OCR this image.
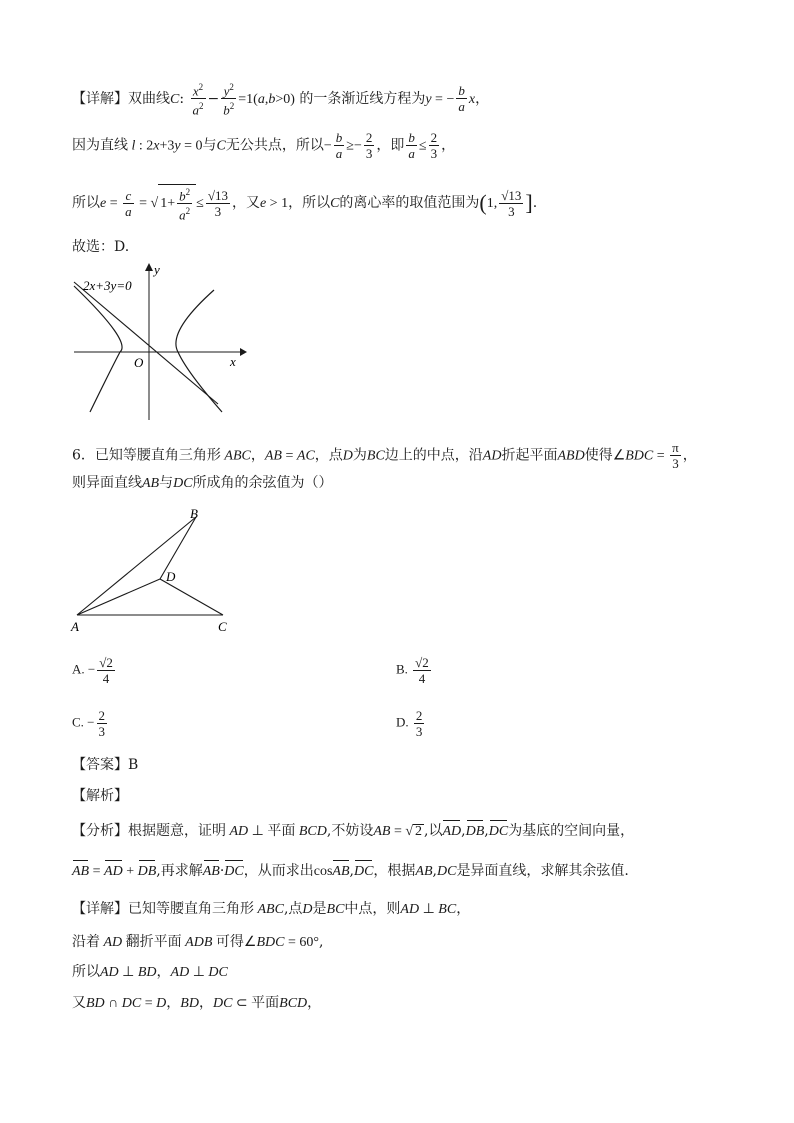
【详解】双曲线C: $\frac{x^2}{a^2} - \frac{y^2}{b^2} =1(a,b>0)$ 的一条渐近线方程为y = − $\frac{b}{a}$ x，
因为直线 l : 2x+3y = 0与C无公共点，所以− $\frac{b}{a} \ge- \frac{2}{3}$ ，即 $\frac{b}{a} \le \frac{2}{3}$ ，
所以$e = \frac{c}{a}$ = √ $1+ \frac{b^2}{a^2} \le \frac{√13}{3}$ ，又e > 1，所以C的离心率的取值范围为(1, $\frac{√13}{3}$ ].
故选：D.
2x+3y=0
y
x
O
6．已知等腰直角三角形 ABC，AB = AC，点D为BC边上的中点，沿AD折起平面ABD使得∠BDC = $\frac{\pi}{3}$ ，
则异面直线AB与DC所成角的余弦值为（）
B
D
A	C
A. − $\frac{√2}{4}$	B. $\frac{√2}{4}$
C. − $\frac{2}{3}$	D. $\frac{2}{3}$
【答案】B
【解析】
【分析】根据题意，证明 AD ⊥ 平面 BCD,不妨设AB = √ 2 ,以AD,DB,DC为基底的空间向量，
AB = AD + DB,再求解AB·DC，从而求出cosAB,DC，根据AB,DC是异面直线，求解其余弦值.
【详解】已知等腰直角三角形 ABC,点D是BC中点，则AD ⊥ BC，
沿着 AD 翻折平面 ADB 可得∠BDC = 60°,
所以AD ⊥ BD，AD ⊥ DC
又BD ∩ DC = D，BD，DC ⊂ 平面BCD，
